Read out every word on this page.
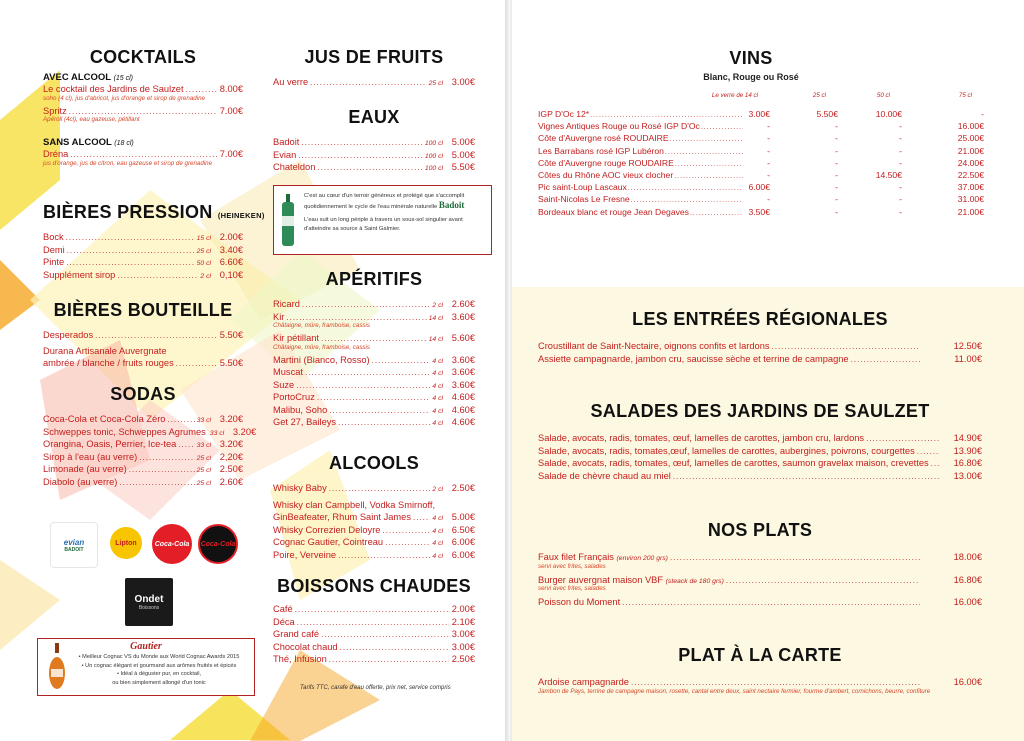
COCKTAILS
AVEC ALCOOL (15 cl)
Le cocktail des Jardins de Saulzet .....	8.00€
soho (4 cl), jus d'abricot, jus d'orange et sirop de grenadine
Spritz .....	7.00€
Apéroll (4cl), eau gazeuse, pétillant
SANS ALCOOL (18 cl)
Dréna .....	7.00€
jus d'orange, jus de citron, eau gazeuse et sirop de grenadine
BIÈRES PRESSION (HEINEKEN)
Bock .....	15 cl 2.00€
Demi .....	25 cl 3.40€
Pinte .....	50 cl 6.60€
Supplément sirop .....	2 cl 0,10€
BIÈRES BOUTEILLE
Desperados .....	5.50€
Durana Artisanale Auvergnate
ambrée / blanche / fruits rouges .....	5.50€
SODAS
Coca-Cola et Coca-Cola Zéro .....	33 cl 3.20€
Schweppes tonic, Schweppes Agrumes 33 cl 3.20€
Orangina, Oasis, Perrier, Ice-tea .....	33 cl 3.20€
Sirop à l'eau (au verre) .....	25 cl 2,20€
Limonade (au verre) .....	25 cl 2.50€
Diabolo (au verre) .....	25 cl 2.60€
evian
BADOIT
Lipton	Coca-Cola Coca-Cola
Ondet
Boissons
Gautier
• Meilleur Cognac VS du Monde aux World Cognac Awards 2015
• Un cognac élégant et gourmand aux arômes fruités et épicés
• Idéal à déguster pur, en cocktail,
ou bien simplement allongé d'un tonic
JUS DE FRUITS
Au verre .....	25 cl 3.00€
EAUX
Badoit .....	100 cl 5.00€
Evian .....	100 cl 5.00€
Chateldon .....	100 cl 5.50€
C'est au cœur d'un terroir généreux et protégé que s'accomplit
quotidiennement le cycle de l'eau minérale naturelle Badoit
L'eau suit un long périple à travers un sous-sol singulier avant
d'atteindre sa source à Saint Galmier.
APÉRITIFS
Ricard .....	2 cl 2.60€
Kir .....	14 cl 3.60€
Châtaigne, mûre, framboise, cassis
Kir pétillant .....	14 cl 5.60€
Châtaigne, mûre, framboise, cassis
Martini (Bianco, Rosso) .....	4 cl 3.60€
Muscat .....	4 cl 3.60€
Suze .....	4 cl 3.60€
PortoCruz .....	4 cl 4.60€
Malibu, Soho .....	4 cl 4.60€
Get 27, Baileys .....	4 cl 4.60€
ALCOOLS
Whisky Baby .....	2 cl 2.50€
Whisky clan Campbell, Vodka Smirnoff,
GinBeafeater, Rhum Saint James .....	4 cl 5.00€
Whisky Correzien Deloyre .....	4 cl 6.50€
Cognac Gautier, Cointreau .....	4 cl 6.00€
Poire, Verveine .....	4 cl 6.00€
BOISSONS CHAUDES
Café .....	2.00€
Déca .....	2.10€
Grand café .....	3.00€
Chocolat chaud .....	3.00€
Thé, Infusion .....	2.50€
Tarifs TTC, carafe d'eau offerte, prix net, service compris
VINS
Blanc, Rouge ou Rosé
Le verre de 14 cl	25 cl	50 cl	75 cl
IGP D'Oc 12* .....	3.00€	5.50€	10.00€	-
Vignes Antiques Rouge ou Rosé IGP D'Oc .....	-	-	-	16.00€
Côte d'Auvergne rosé ROUDAIRE .....	-	-	-	25.00€
Les Barrabans rosé IGP Lubéron .....	-	-	-	21.00€
Côte d'Auvergne rouge ROUDAIRE .....	-	-	-	24.00€
Côtes du Rhône AOC vieux clocher .....	-	-	14.50€	22.50€
Pic saint-Loup Lascaux .....	6.00€	-	-	37.00€
Saint-Nicolas Le Fresne .....	-	-	-	31.00€
Bordeaux blanc et rouge Jean Degaves .....	3.50€	-	-	21.00€
LES ENTRÉES RÉGIONALES
Croustillant de Saint-Nectaire, oignons confits et lardons .....	12.50€
Assiette campagnarde, jambon cru, saucisse sèche et terrine de campagne .....	11.00€
SALADES DES JARDINS DE SAULZET
Salade, avocats, radis, tomates, œuf, lamelles de carottes, jambon cru, lardons .....	14.90€
Salade, avocats, radis, tomates,œuf, lamelles de carottes, aubergines, poivrons, courgettes .....	13.90€
Salade, avocats, radis, tomates, œuf, lamelles de carottes, saumon gravelax maison, crevettes .....	16.80€
Salade de chèvre chaud au miel .....	13.00€
NOS PLATS
Faux filet Français
(environ 200 grs) .....	18.00€
servi avec frites, salades
Burger auvergnat maison VBF
(steack de 180 grs) .....	16.80€
servi avec frites, salades
Poisson du Moment .....	16.00€
PLAT À LA CARTE
Ardoise campagnarde .....	16.00€
Jambon de Pays, terrine de campagne maison, rosette, cantal entre deux, saint nectaire fermier, fourme d'ambert, cornichons, beurre, confiture
